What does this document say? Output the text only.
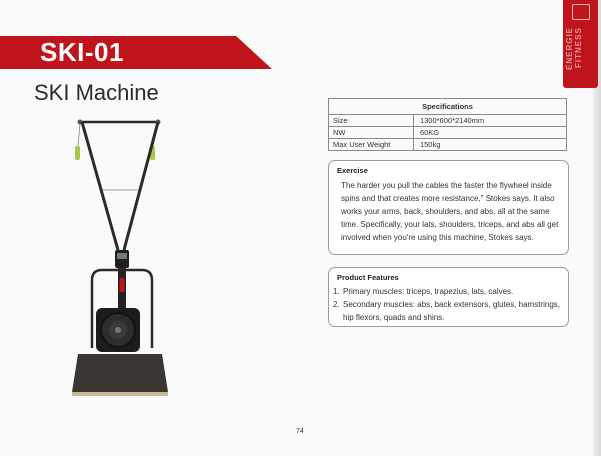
SKI-01
SKI Machine
ENERGIE FITNESS
Specifications	
Size	1300*600*2140mm
NW	60KG
Max User Weight	150kg
Exercise
The harder you pull the cables the faster the flywheel inside spins and that creates more resistance," Stokes says. It also works your arms, back, shoulders, and abs, all at the same time. Specifically, your lats, shoulders, triceps, and abs all get involved when you're using this machine, Stokes says.
Product Features
1. Primary muscles: triceps, trapezius, lats, calves.
2. Secondary muscles: abs, back extensors, glutes, hamstrings, hip flexors, quads and shins.
74
